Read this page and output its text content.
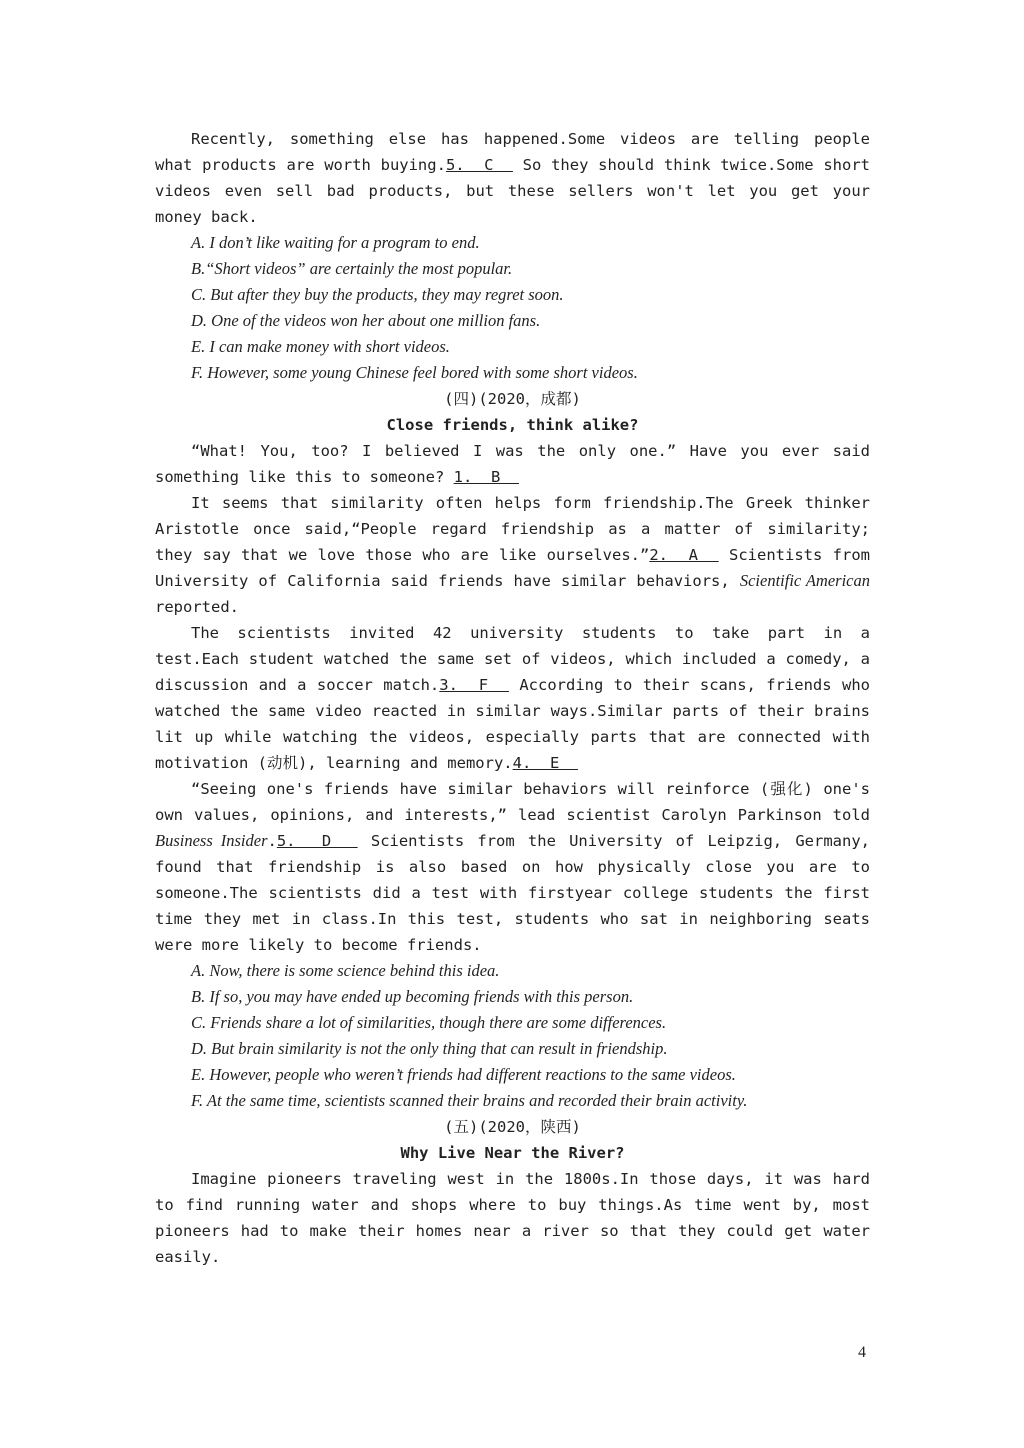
Recently, something else has happened.Some videos are telling people what products are worth buying.5.  C   So they should think twice.Some short videos even sell bad products, but these sellers won't let you get your money back.

A. I don’t like waiting for a program to end.

B.“Short videos” are certainly the most popular.

C. But after they buy the products, they may regret soon.

D. One of the videos won her about one million fans.

E. I can make money with short videos.

F. However, some young Chinese feel bored with some short videos.

(四)(2020，成都)

Close friends, think alike?

“What! You, too? I believed I was the only one.” Have you ever said something like this to someone? 1.  B

It seems that similarity often helps form friendship.The Greek thinker Aristotle once said,“People regard friendship as a matter of similarity; they say that we love those who are like ourselves.”2.  A   Scientists from University of California said friends have similar behaviors, Scientific American reported.

The scientists invited 42 university students to take part in a test.Each student watched the same set of videos, which included a comedy, a discussion and a soccer match.3.  F   According to their scans, friends who watched the same video reacted in similar ways.Similar parts of their brains lit up while watching the videos, especially parts that are connected with motivation (动机), learning and memory.4.  E

“Seeing one's friends have similar behaviors will reinforce (强化) one's own values, opinions, and interests,” lead scientist Carolyn Parkinson told Business Insider.5.  D   Scientists from the University of Leipzig, Germany, found that friendship is also based on how physically close you are to someone.The scientists did a test with firstyear college students the first time they met in class.In this test, students who sat in neighboring seats were more likely to become friends.

A. Now, there is some science behind this idea.

B. If so, you may have ended up becoming friends with this person.

C. Friends share a lot of similarities, though there are some differences.

D. But brain similarity is not the only thing that can result in friendship.

E. However, people who weren’t friends had different reactions to the same videos.

F. At the same time, scientists scanned their brains and recorded their brain activity.

(五)(2020，陕西)

Why Live Near the River?

Imagine pioneers traveling west in the 1800s.In those days, it was hard to find running water and shops where to buy things.As time went by, most pioneers had to make their homes near a river so that they could get water easily.

4
